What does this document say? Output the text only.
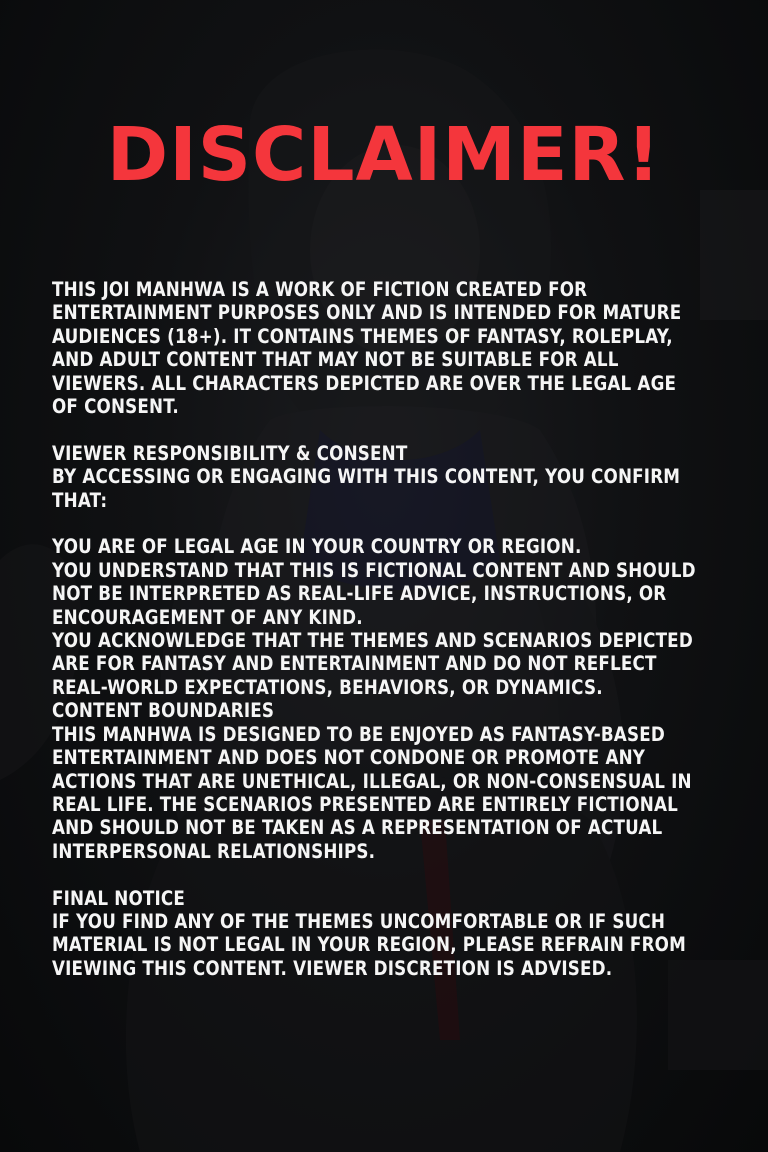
DISCLAIMER!
THIS JOI MANHWA IS A WORK OF FICTION CREATED FOR
ENTERTAINMENT PURPOSES ONLY AND IS INTENDED FOR MATURE
AUDIENCES (18+). IT CONTAINS THEMES OF FANTASY, ROLEPLAY,
AND ADULT CONTENT THAT MAY NOT BE SUITABLE FOR ALL
VIEWERS. ALL CHARACTERS DEPICTED ARE OVER THE LEGAL AGE
OF CONSENT.
VIEWER RESPONSIBILITY & CONSENT
BY ACCESSING OR ENGAGING WITH THIS CONTENT, YOU CONFIRM
THAT:
YOU ARE OF LEGAL AGE IN YOUR COUNTRY OR REGION.
YOU UNDERSTAND THAT THIS IS FICTIONAL CONTENT AND SHOULD
NOT BE INTERPRETED AS REAL-LIFE ADVICE, INSTRUCTIONS, OR
ENCOURAGEMENT OF ANY KIND.
YOU ACKNOWLEDGE THAT THE THEMES AND SCENARIOS DEPICTED
ARE FOR FANTASY AND ENTERTAINMENT AND DO NOT REFLECT
REAL-WORLD EXPECTATIONS, BEHAVIORS, OR DYNAMICS.
CONTENT BOUNDARIES
THIS MANHWA IS DESIGNED TO BE ENJOYED AS FANTASY-BASED
ENTERTAINMENT AND DOES NOT CONDONE OR PROMOTE ANY
ACTIONS THAT ARE UNETHICAL, ILLEGAL, OR NON-CONSENSUAL IN
REAL LIFE. THE SCENARIOS PRESENTED ARE ENTIRELY FICTIONAL
AND SHOULD NOT BE TAKEN AS A REPRESENTATION OF ACTUAL
INTERPERSONAL RELATIONSHIPS.
FINAL NOTICE
IF YOU FIND ANY OF THE THEMES UNCOMFORTABLE OR IF SUCH
MATERIAL IS NOT LEGAL IN YOUR REGION, PLEASE REFRAIN FROM
VIEWING THIS CONTENT. VIEWER DISCRETION IS ADVISED.
